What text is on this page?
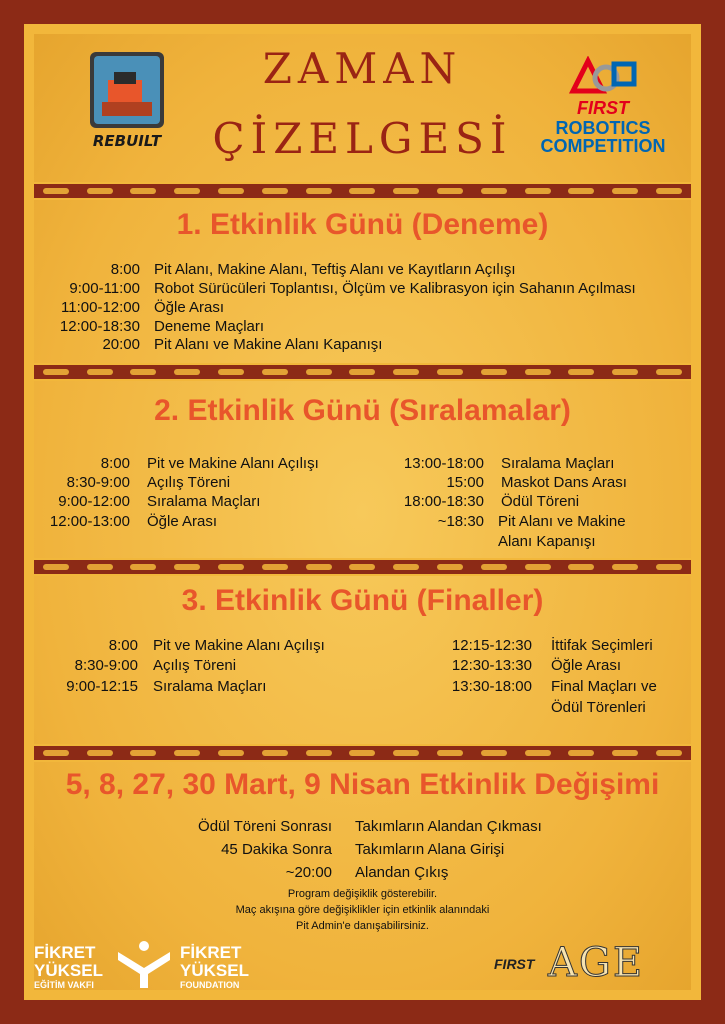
REBUILT
ZAMAN
ÇİZELGESİ
FIRST
ROBOTICS
COMPETITION
1. Etkinlik Günü (Deneme)
8:00 Pit Alanı, Makine Alanı, Teftiş Alanı ve Kayıtların Açılışı
9:00-11:00 Robot Sürücüleri Toplantısı, Ölçüm ve Kalibrasyon için Sahanın Açılması
11:00-12:00 Öğle Arası
12:00-18:30 Deneme Maçları
20:00 Pit Alanı ve Makine Alanı Kapanışı
2. Etkinlik Günü (Sıralamalar)
8:00 Pit ve Makine Alanı Açılışı
8:30-9:00 Açılış Töreni
9:00-12:00 Sıralama Maçları
12:00-13:00 Öğle Arası
13:00-18:00 Sıralama Maçları
15:00 Maskot Dans Arası
18:00-18:30 Ödül Töreni
~18:30 Pit Alanı ve Makine
Alanı Kapanışı
3. Etkinlik Günü (Finaller)
8:00 Pit ve Makine Alanı Açılışı
8:30-9:00 Açılış Töreni
9:00-12:15 Sıralama Maçları
12:15-12:30 İttifak Seçimleri
12:30-13:30 Öğle Arası
13:30-18:00 Final Maçları ve
Ödül Törenleri
5, 8, 27, 30 Mart, 9 Nisan Etkinlik Değişimi
Ödül Töreni Sonrası Takımların Alandan Çıkması
45 Dakika Sonra Takımların Alana Girişi
~20:00 Alandan Çıkış
Program değişiklik gösterebilir.
Maç akışına göre değişiklikler için etkinlik alanındaki
Pit Admin'e danışabilirsiniz.
FİKRET
YÜKSEL
EĞİTİM VAKFI
FİKRET
YÜKSEL
FOUNDATION
FIRST AGE
